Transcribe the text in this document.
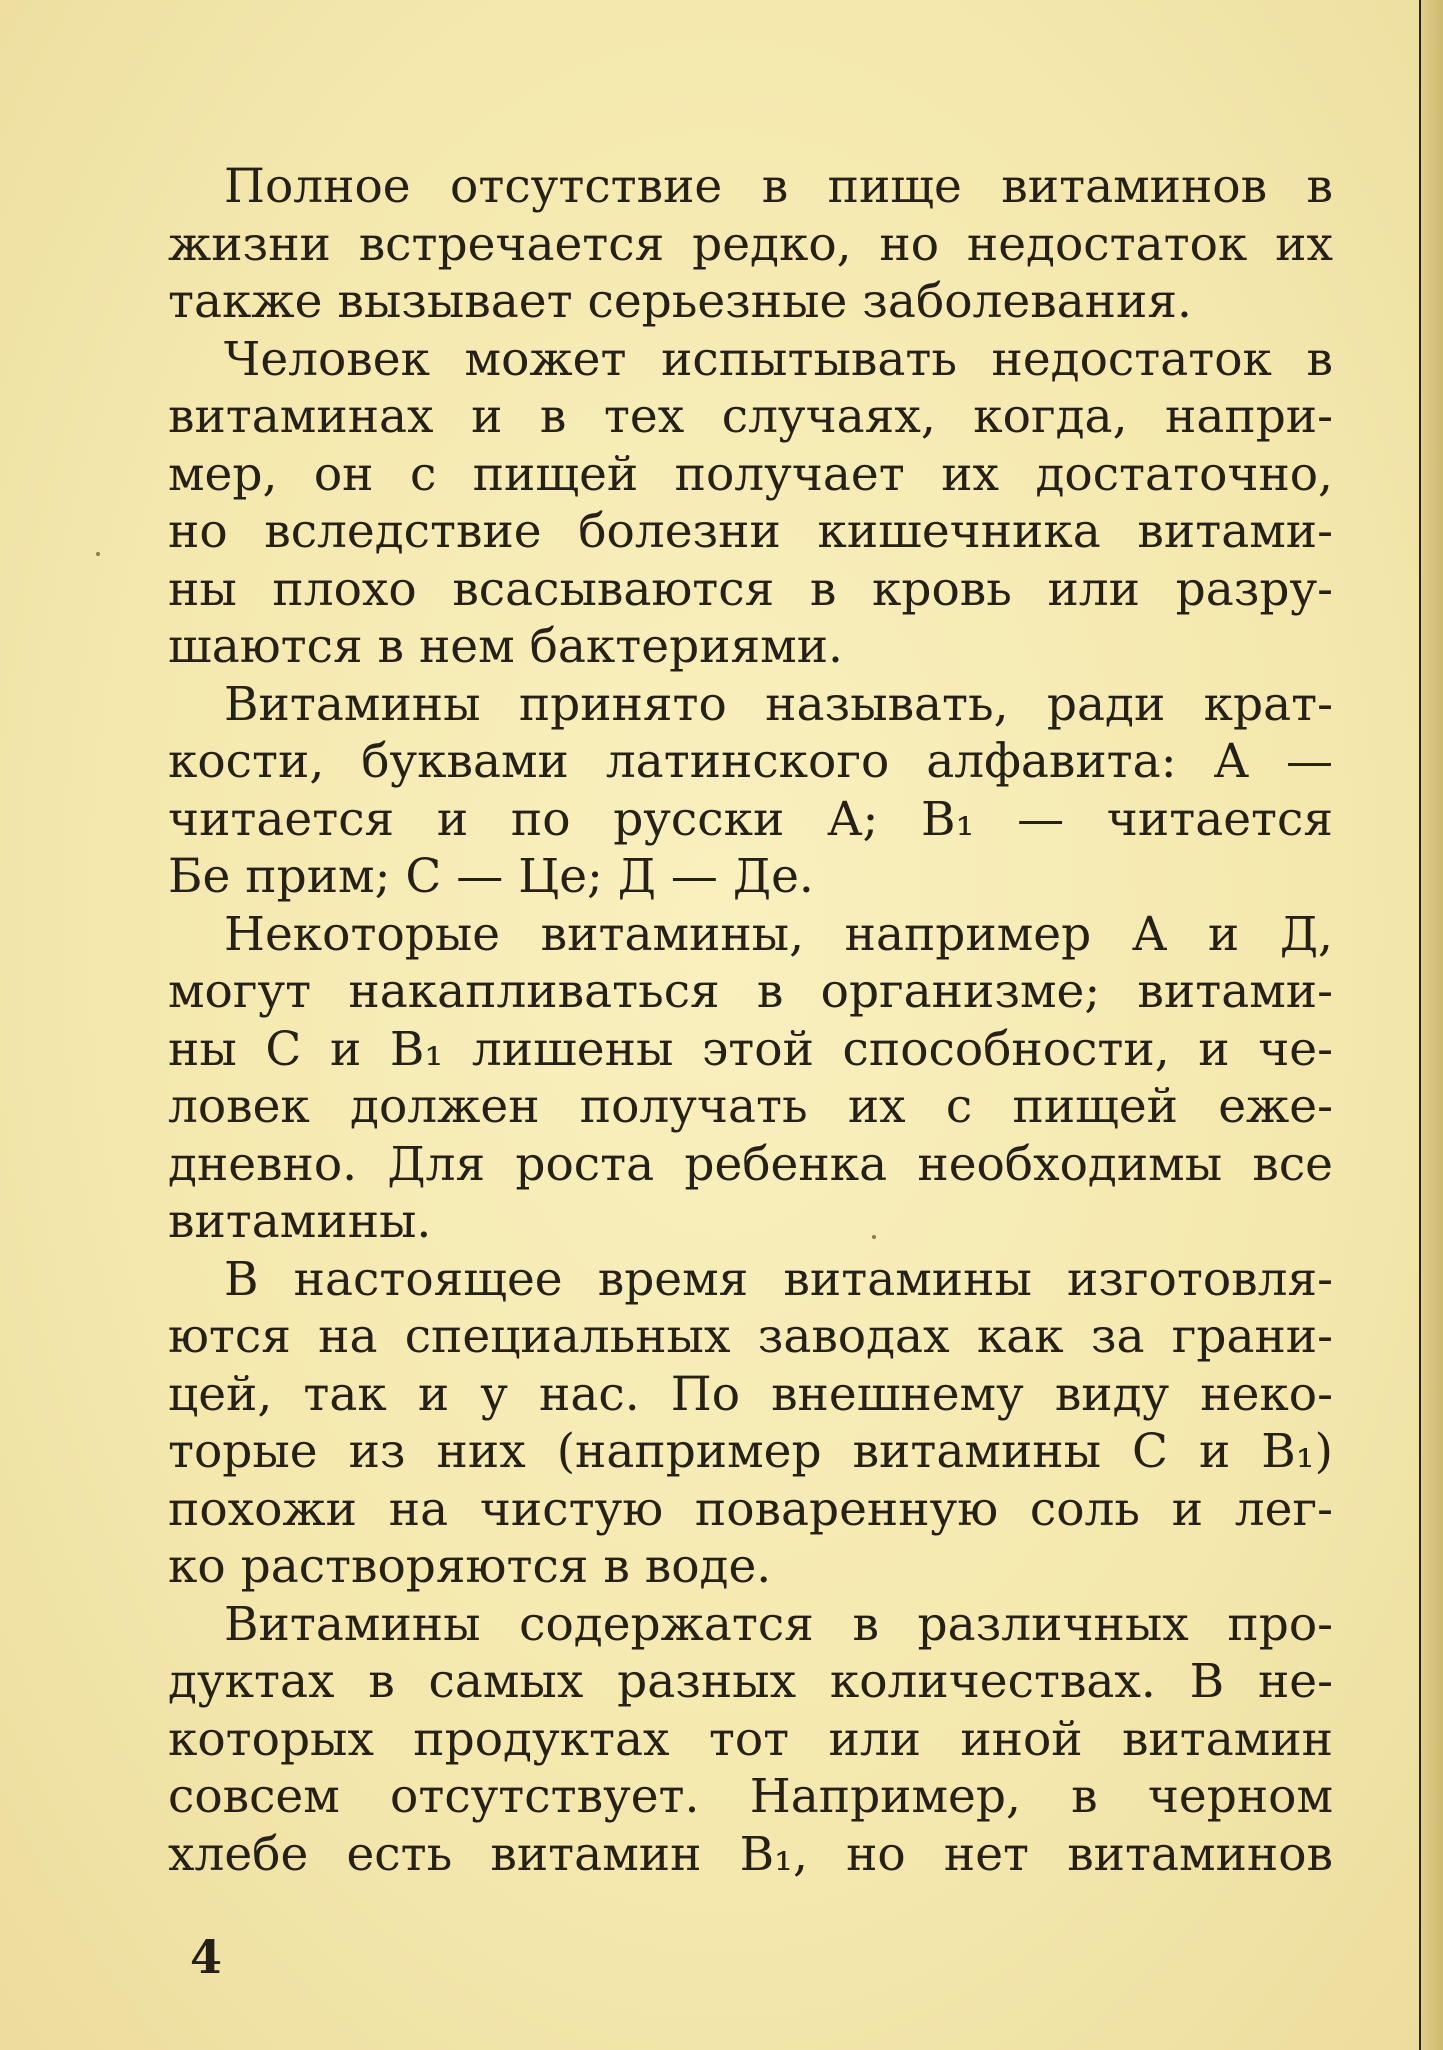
Полное отсутствие в пище витаминов в
жизни встречается редко, но недостаток их
также вызывает серьезные заболевания.

Человек может испытывать недостаток в
витаминах и в тех случаях, когда, напри-
мер, он с пищей получает их достаточно,
но вследствие болезни кишечника витами-
ны плохо всасываются в кровь или разру-
шаются в нем бактериями.

Витамины принято называть, ради крат-
кости, буквами латинского алфавита: А —
читается и по русски А; В₁ — читается
Бе прим; С — Це; Д — Де.

Некоторые витамины, например А и Д,
могут накапливаться в организме; витами-
ны С и В₁ лишены этой способности, и че-
ловек должен получать их с пищей еже-
дневно. Для роста ребенка необходимы все
витамины.

В настоящее время витамины изготовля-
ются на специальных заводах как за грани-
цей, так и у нас. По внешнему виду неко-
торые из них (например витамины С и В₁)
похожи на чистую поваренную соль и лег-
ко растворяются в воде.

Витамины содержатся в различных про-
дуктах в самых разных количествах. В не-
которых продуктах тот или иной витамин
совсем отсутствует. Например, в черном
хлебе есть витамин В₁, но нет витаминов

4
